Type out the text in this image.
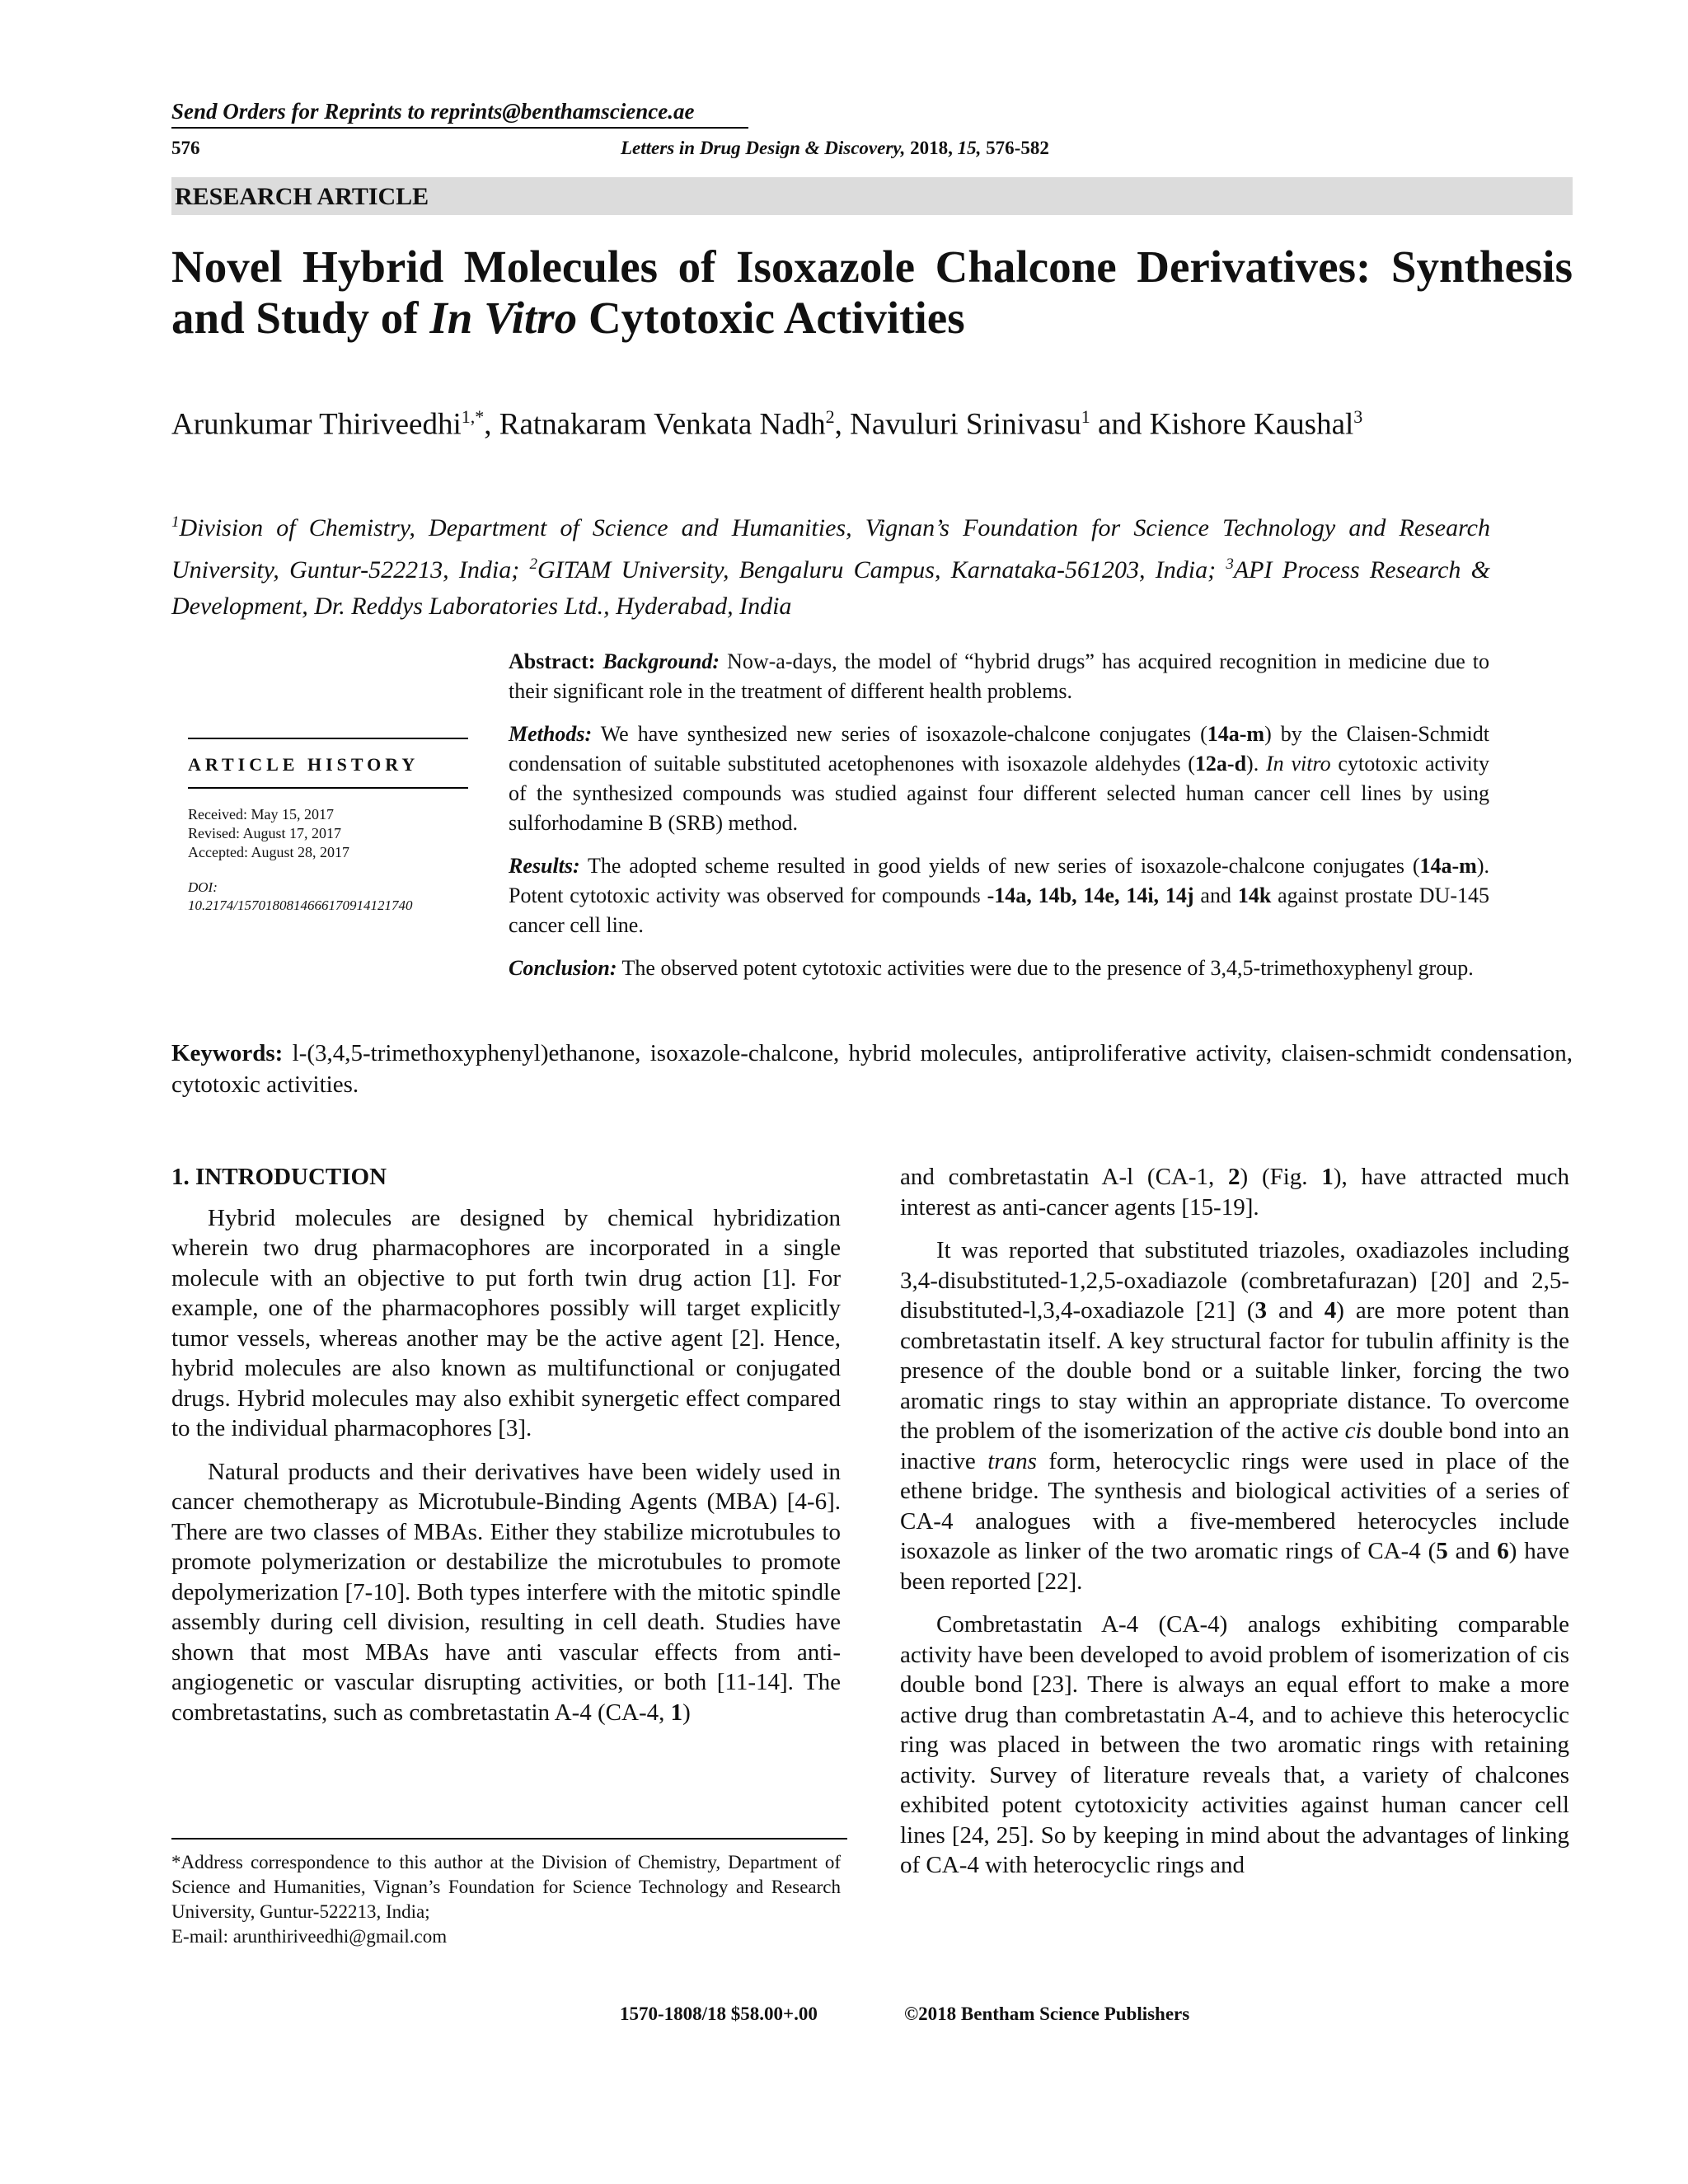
Send Orders for Reprints to reprints@benthamscience.ae
576	Letters in Drug Design & Discovery, 2018, 15, 576-582
RESEARCH ARTICLE
Novel Hybrid Molecules of Isoxazole Chalcone Derivatives: Synthesis and Study of In Vitro Cytotoxic Activities
Arunkumar Thiriveedhi$^{1,*}$, Ratnakaram Venkata Nadh$^2$, Navuluri Srinivasu$^1$ and Kishore Kaushal$^3$
$^1$Division of Chemistry, Department of Science and Humanities, Vignan’s Foundation for Science Technology and Research University, Guntur-522213, India; $^2$GITAM University, Bengaluru Campus, Karnataka-561203, India; $^3$API Process Research & Development, Dr. Reddys Laboratories Ltd., Hyderabad, India
ARTICLE HISTORY
Received: May 15, 2017
Revised: August 17, 2017
Accepted: August 28, 2017
DOI:
10.2174/1570180814666170914121740

Abstract: Background: Now-a-days, the model of “hybrid drugs” has acquired recognition in medicine due to their significant role in the treatment of different health problems.

Methods: We have synthesized new series of isoxazole-chalcone conjugates (14a-m) by the Claisen-Schmidt condensation of suitable substituted acetophenones with isoxazole aldehydes (12a-d). In vitro cytotoxic activity of the synthesized compounds was studied against four different selected human cancer cell lines by using sulforhodamine B (SRB) method.

Results: The adopted scheme resulted in good yields of new series of isoxazole-chalcone conjugates (14a-m). Potent cytotoxic activity was observed for compounds -14a, 14b, 14e, 14i, 14j and 14k against prostate DU-145 cancer cell line.

Conclusion: The observed potent cytotoxic activities were due to the presence of 3,4,5-trimethoxyphenyl group.

Keywords: l-(3,4,5-trimethoxyphenyl)ethanone, isoxazole-chalcone, hybrid molecules, antiproliferative activity, claisen-schmidt condensation, cytotoxic activities.
1. INTRODUCTION

Hybrid molecules are designed by chemical hybridization wherein two drug pharmacophores are incorporated in a single molecule with an objective to put forth twin drug action [1]. For example, one of the pharmacophores possibly will target explicitly tumor vessels, whereas another may be the active agent [2]. Hence, hybrid molecules are also known as multifunctional or conjugated drugs. Hybrid molecules may also exhibit synergetic effect compared to the individual pharmacophores [3].

Natural products and their derivatives have been widely used in cancer chemotherapy as Microtubule-Binding Agents (MBA) [4-6]. There are two classes of MBAs. Either they stabilize microtubules to promote polymerization or destabilize the microtubules to promote depolymerization [7-10]. Both types interfere with the mitotic spindle assembly during cell division, resulting in cell death. Studies have shown that most MBAs have anti vascular effects from anti-angiogenetic or vascular disrupting activities, or both [11-14]. The combretastatins, such as combretastatin A-4 (CA-4, 1)

and combretastatin A-l (CA-1, 2) (Fig. 1), have attracted much interest as anti-cancer agents [15-19].

It was reported that substituted triazoles, oxadiazoles including 3,4-disubstituted-1,2,5-oxadiazole (combretafurazan) [20] and 2,5-disubstituted-l,3,4-oxadiazole [21] (3 and 4) are more potent than combretastatin itself. A key structural factor for tubulin affinity is the presence of the double bond or a suitable linker, forcing the two aromatic rings to stay within an appropriate distance. To overcome the problem of the isomerization of the active cis double bond into an inactive trans form, heterocyclic rings were used in place of the ethene bridge. The synthesis and biological activities of a series of CA-4 analogues with a five-membered heterocycles include isoxazole as linker of the two aromatic rings of CA-4 (5 and 6) have been reported [22].

Combretastatin A-4 (CA-4) analogs exhibiting comparable activity have been developed to avoid problem of isomerization of cis double bond [23]. There is always an equal effort to make a more active drug than combretastatin A-4, and to achieve this heterocyclic ring was placed in between the two aromatic rings with retaining activity. Survey of literature reveals that, a variety of chalcones exhibited potent cytotoxicity activities against human cancer cell lines [24, 25]. So by keeping in mind about the advantages of linking of CA-4 with heterocyclic rings and

*Address correspondence to this author at the Division of Chemistry, Department of Science and Humanities, Vignan’s Foundation for Science Technology and Research University, Guntur-522213, India;
E-mail: arunthiriveedhi@gmail.com
1570-1808/18 $58.00+.00	©2018 Bentham Science Publishers
